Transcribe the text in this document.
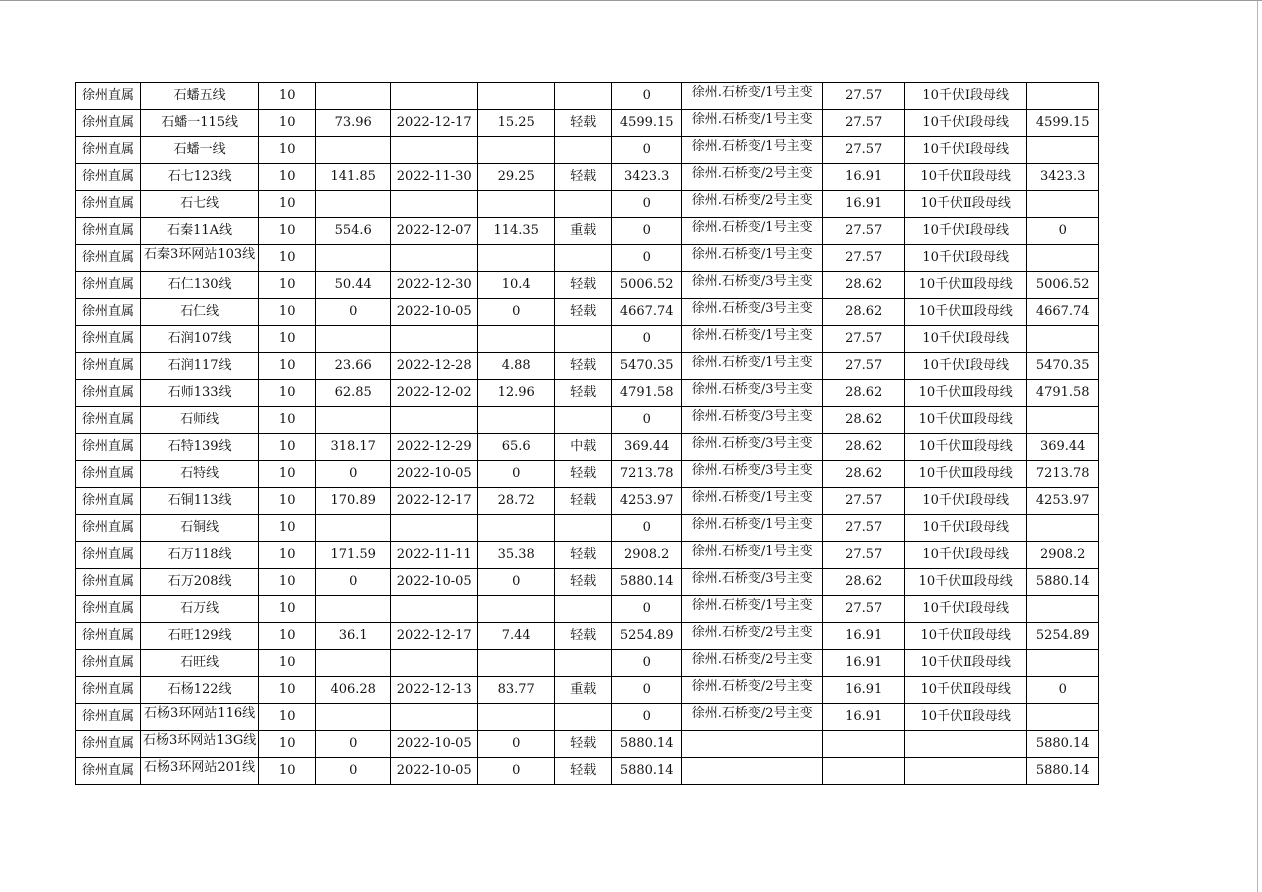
徐州直属	石蟠五线	10					0	徐州.石桥变/1号主变	27.57	10千伏Ⅰ段母线	
徐州直属	石蟠一115线	10	73.96	2022-12-17	15.25	轻载	4599.15	徐州.石桥变/1号主变	27.57	10千伏Ⅰ段母线	4599.15
徐州直属	石蟠一线	10					0	徐州.石桥变/1号主变	27.57	10千伏Ⅰ段母线	
徐州直属	石七123线	10	141.85	2022-11-30	29.25	轻载	3423.3	徐州.石桥变/2号主变	16.91	10千伏Ⅱ段母线	3423.3
徐州直属	石七线	10					0	徐州.石桥变/2号主变	16.91	10千伏Ⅱ段母线	
徐州直属	石秦11A线	10	554.6	2022-12-07	114.35	重载	0	徐州.石桥变/1号主变	27.57	10千伏Ⅰ段母线	0
徐州直属	石秦3环网站103线	10					0	徐州.石桥变/1号主变	27.57	10千伏Ⅰ段母线	
徐州直属	石仁130线	10	50.44	2022-12-30	10.4	轻载	5006.52	徐州.石桥变/3号主变	28.62	10千伏Ⅲ段母线	5006.52
徐州直属	石仁线	10	0	2022-10-05	0	轻载	4667.74	徐州.石桥变/3号主变	28.62	10千伏Ⅲ段母线	4667.74
徐州直属	石润107线	10					0	徐州.石桥变/1号主变	27.57	10千伏Ⅰ段母线	
徐州直属	石润117线	10	23.66	2022-12-28	4.88	轻载	5470.35	徐州.石桥变/1号主变	27.57	10千伏Ⅰ段母线	5470.35
徐州直属	石师133线	10	62.85	2022-12-02	12.96	轻载	4791.58	徐州.石桥变/3号主变	28.62	10千伏Ⅲ段母线	4791.58
徐州直属	石师线	10					0	徐州.石桥变/3号主变	28.62	10千伏Ⅲ段母线	
徐州直属	石特139线	10	318.17	2022-12-29	65.6	中载	369.44	徐州.石桥变/3号主变	28.62	10千伏Ⅲ段母线	369.44
徐州直属	石特线	10	0	2022-10-05	0	轻载	7213.78	徐州.石桥变/3号主变	28.62	10千伏Ⅲ段母线	7213.78
徐州直属	石铜113线	10	170.89	2022-12-17	28.72	轻载	4253.97	徐州.石桥变/1号主变	27.57	10千伏Ⅰ段母线	4253.97
徐州直属	石铜线	10					0	徐州.石桥变/1号主变	27.57	10千伏Ⅰ段母线	
徐州直属	石万118线	10	171.59	2022-11-11	35.38	轻载	2908.2	徐州.石桥变/1号主变	27.57	10千伏Ⅰ段母线	2908.2
徐州直属	石万208线	10	0	2022-10-05	0	轻载	5880.14	徐州.石桥变/3号主变	28.62	10千伏Ⅲ段母线	5880.14
徐州直属	石万线	10					0	徐州.石桥变/1号主变	27.57	10千伏Ⅰ段母线	
徐州直属	石旺129线	10	36.1	2022-12-17	7.44	轻载	5254.89	徐州.石桥变/2号主变	16.91	10千伏Ⅱ段母线	5254.89
徐州直属	石旺线	10					0	徐州.石桥变/2号主变	16.91	10千伏Ⅱ段母线	
徐州直属	石杨122线	10	406.28	2022-12-13	83.77	重载	0	徐州.石桥变/2号主变	16.91	10千伏Ⅱ段母线	0
徐州直属	石杨3环网站116线	10					0	徐州.石桥变/2号主变	16.91	10千伏Ⅱ段母线	
徐州直属	石杨3环网站13G线	10	0	2022-10-05	0	轻载	5880.14				5880.14
徐州直属	石杨3环网站201线	10	0	2022-10-05	0	轻载	5880.14				5880.14
